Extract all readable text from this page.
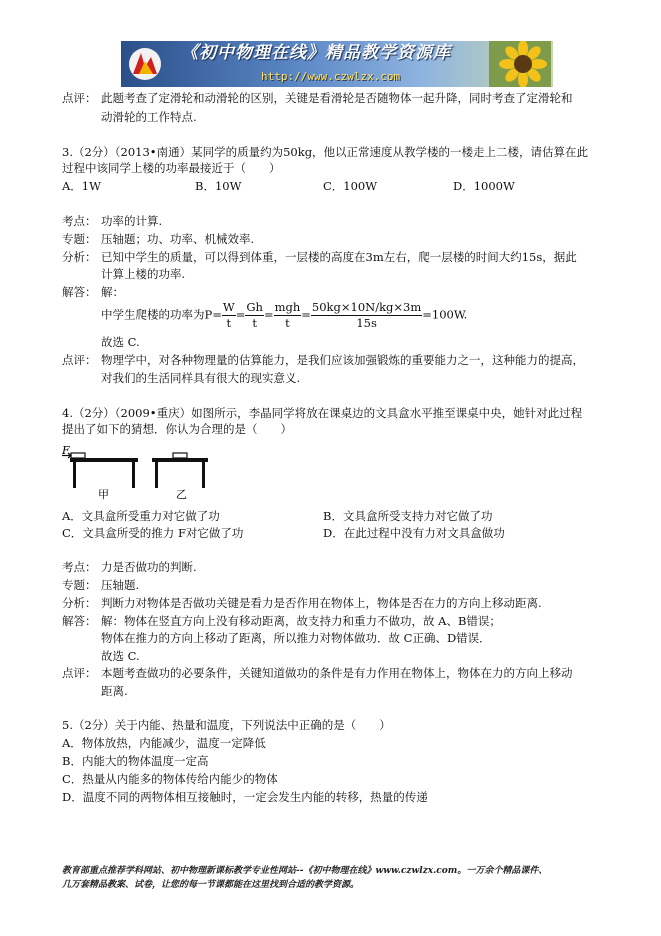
《初中物理在线》精品教学资源库
http://www.czwlzx.com
点评： 此题考查了定滑轮和动滑轮的区别，关键是看滑轮是否随物体一起升降，同时考查了定滑轮和
动滑轮的工作特点.
3.（2分）（2013•南通）某同学的质量约为50kg，他以正常速度从教学楼的一楼走上二楼，请估算在此
过程中该同学上楼的功率最接近于（　　）
A．1W	B．10W	C．100W	D．1000W
考点： 功率的计算.
专题： 压轴题；功、功率、机械效率.
分析： 已知中学生的质量，可以得到体重，一层楼的高度在3m左右，爬一层楼的时间大约15s，据此
计算上楼的功率.
解答： 解：
中学生爬楼的功率为$P= \frac{W}{t} = \frac{Gh}{t} = \frac{\text{mgh}}{t} = \frac{50kg\times 10N/kg\times 3m}{15s} =100W$.
故选 C.
点评： 物理学中，对各种物理量的估算能力，是我们应该加强锻炼的重要能力之一，这种能力的提高，
对我们的生活同样具有很大的现实意义.
4.（2分）（2009•重庆）如图所示，李晶同学将放在课桌边的文具盒水平推至课桌中央，她针对此过程
提出了如下的猜想．你认为合理的是（　　）
F
甲	乙
A．文具盒所受重力对它做了功	B．文具盒所受支持力对它做了功
C．文具盒所受的推力 F对它做了功	D．在此过程中没有力对文具盒做功
考点： 力是否做功的判断.
专题： 压轴题.
分析： 判断力对物体是否做功关键是看力是否作用在物体上，物体是否在力的方向上移动距离.
解答： 解：物体在竖直方向上没有移动距离，故支持力和重力不做功，故 A、B错误；
物体在推力的方向上移动了距离，所以推力对物体做功．故 C正确、D错误．
故选 C.
点评： 本题考查做功的必要条件，关键知道做功的条件是有力作用在物体上，物体在力的方向上移动
距离.
5.（2分）关于内能、热量和温度，下列说法中正确的是（　　）
A．物体放热，内能减少，温度一定降低
B．内能大的物体温度一定高
C．热量从内能多的物体传给内能少的物体
D．温度不同的两物体相互接触时，一定会发生内能的转移，热量的传递
教育部重点推荐学科网站、初中物理新课标教学专业性网站--《初中物理在线》www.czwlzx.com。一万余个精品课件、
几万套精品教案、试卷，让您的每一节课都能在这里找到合适的教学资源。
